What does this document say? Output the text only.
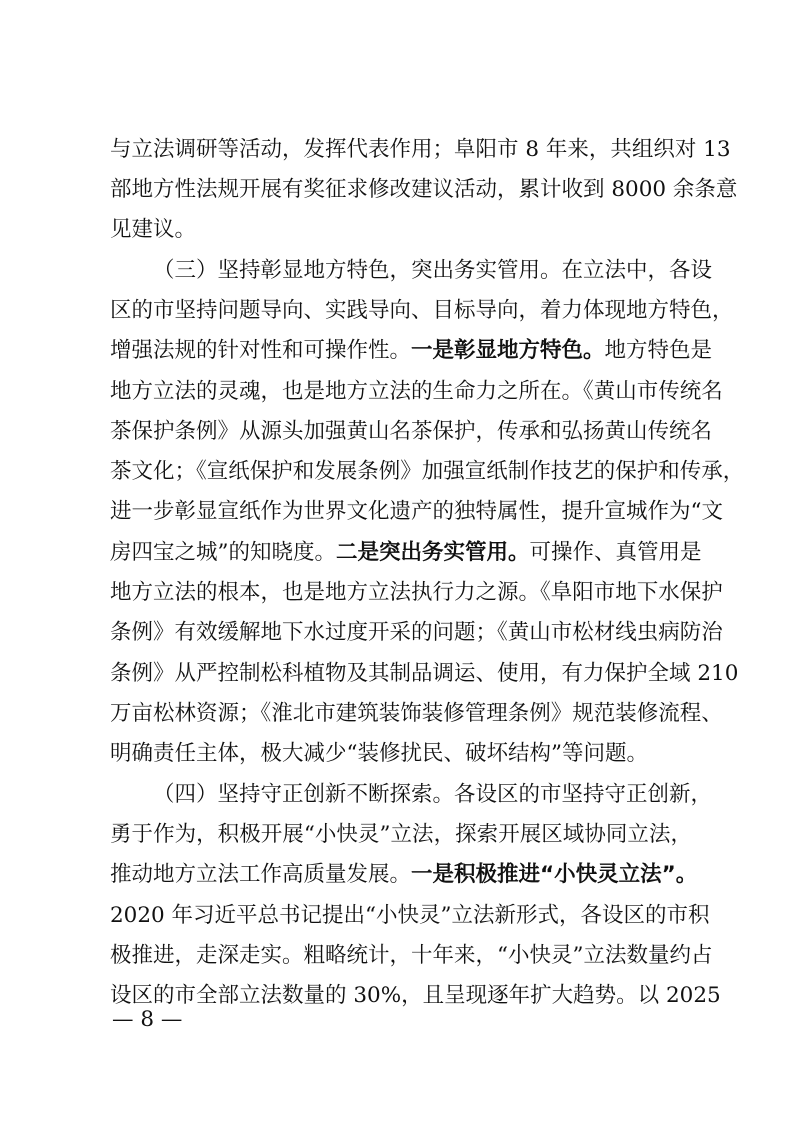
与立法调研等活动，发挥代表作用；阜阳市 8 年来，共组织对 13
部地方性法规开展有奖征求修改建议活动，累计收到 8000 余条意
见建议。
（三）坚持彰显地方特色，突出务实管用。在立法中，各设
区的市坚持问题导向、实践导向、目标导向，着力体现地方特色，
增强法规的针对性和可操作性。一是彰显地方特色。地方特色是
地方立法的灵魂，也是地方立法的生命力之所在。《黄山市传统名
茶保护条例》从源头加强黄山名茶保护，传承和弘扬黄山传统名
茶文化；《宣纸保护和发展条例》加强宣纸制作技艺的保护和传承，
进一步彰显宣纸作为世界文化遗产的独特属性，提升宣城作为“文
房四宝之城”的知晓度。二是突出务实管用。可操作、真管用是
地方立法的根本，也是地方立法执行力之源。《阜阳市地下水保护
条例》有效缓解地下水过度开采的问题；《黄山市松材线虫病防治
条例》从严控制松科植物及其制品调运、使用，有力保护全域 210
万亩松林资源；《淮北市建筑装饰装修管理条例》规范装修流程、
明确责任主体，极大减少“装修扰民、破坏结构”等问题。
（四）坚持守正创新不断探索。各设区的市坚持守正创新，
勇于作为，积极开展“小快灵”立法，探索开展区域协同立法，
推动地方立法工作高质量发展。一是积极推进“小快灵立法”。
2020 年习近平总书记提出“小快灵”立法新形式，各设区的市积
极推进，走深走实。粗略统计，十年来，“小快灵”立法数量约占
设区的市全部立法数量的 30%，且呈现逐年扩大趋势。以 2025
— 8 —
